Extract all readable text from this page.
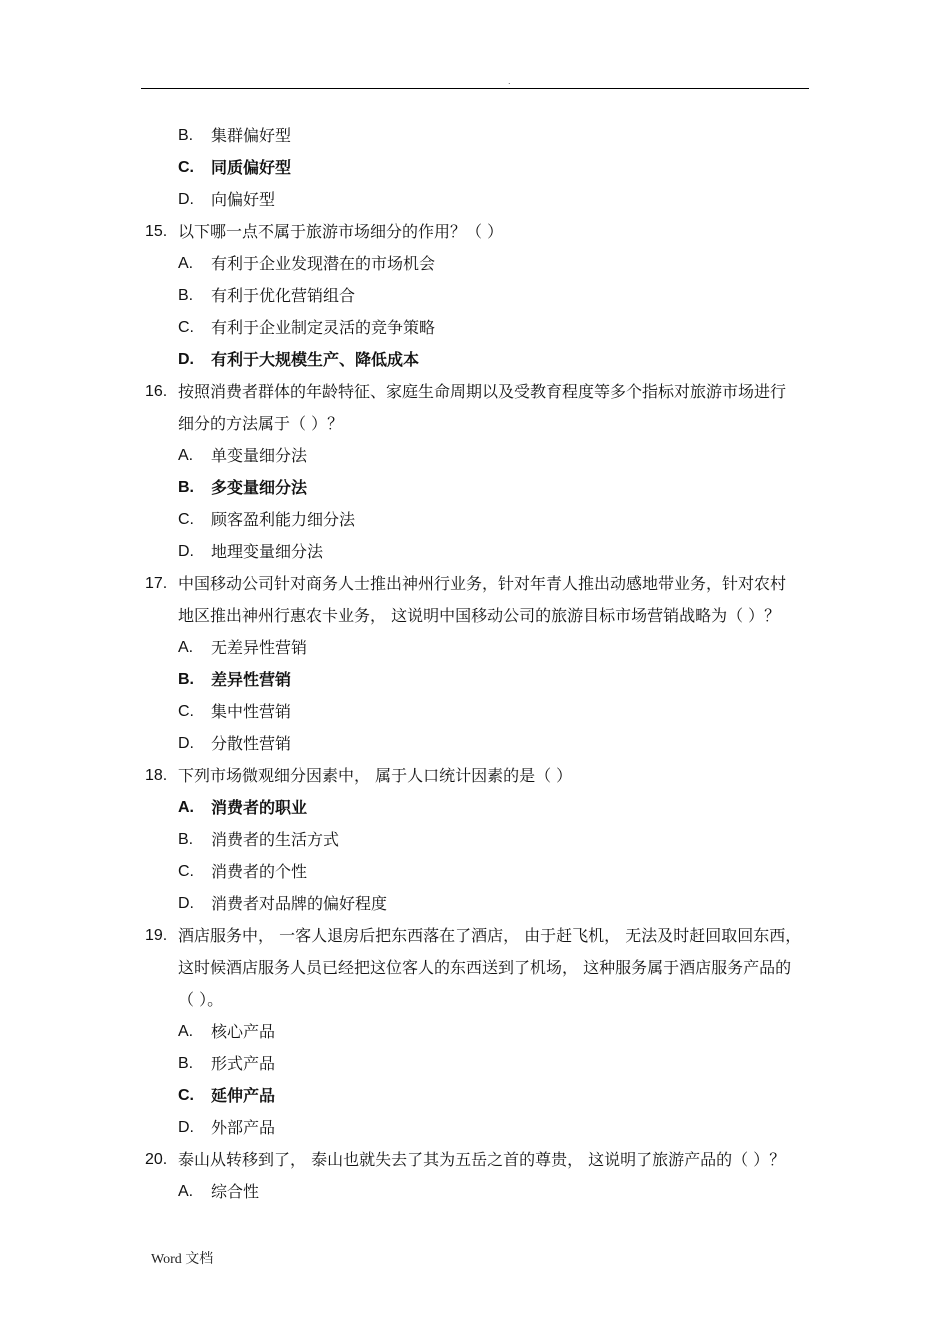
.
B. 集群偏好型
C. 同质偏好型
D. 向偏好型
15. 以下哪一点不属于旅游市场细分的作用？（ ）
A. 有利于企业发现潜在的市场机会
B. 有利于优化营销组合
C. 有利于企业制定灵活的竞争策略
D. 有利于大规模生产、降低成本
16. 按照消费者群体的年龄特征、家庭生命周期以及受教育程度等多个指标对旅游市场进行
细分的方法属于（ ）？
A. 单变量细分法
B. 多变量细分法
C. 顾客盈利能力细分法
D. 地理变量细分法
17. 中国移动公司针对商务人士推出神州行业务，针对年青人推出动感地带业务，针对农村
地区推出神州行惠农卡业务， 这说明中国移动公司的旅游目标市场营销战略为（ ）？
A. 无差异性营销
B. 差异性营销
C. 集中性营销
D. 分散性营销
18. 下列市场微观细分因素中， 属于人口统计因素的是（ ）
A. 消费者的职业
B. 消费者的生活方式
C. 消费者的个性
D. 消费者对品牌的偏好程度
19. 酒店服务中， 一客人退房后把东西落在了酒店， 由于赶飞机， 无法及时赶回取回东西，
这时候酒店服务人员已经把这位客人的东西送到了机场， 这种服务属于酒店服务产品的
（ ）。
A. 核心产品
B. 形式产品
C. 延伸产品
D. 外部产品
20. 泰山从转移到了， 泰山也就失去了其为五岳之首的尊贵， 这说明了旅游产品的（ ）？
A. 综合性
Word 文档
